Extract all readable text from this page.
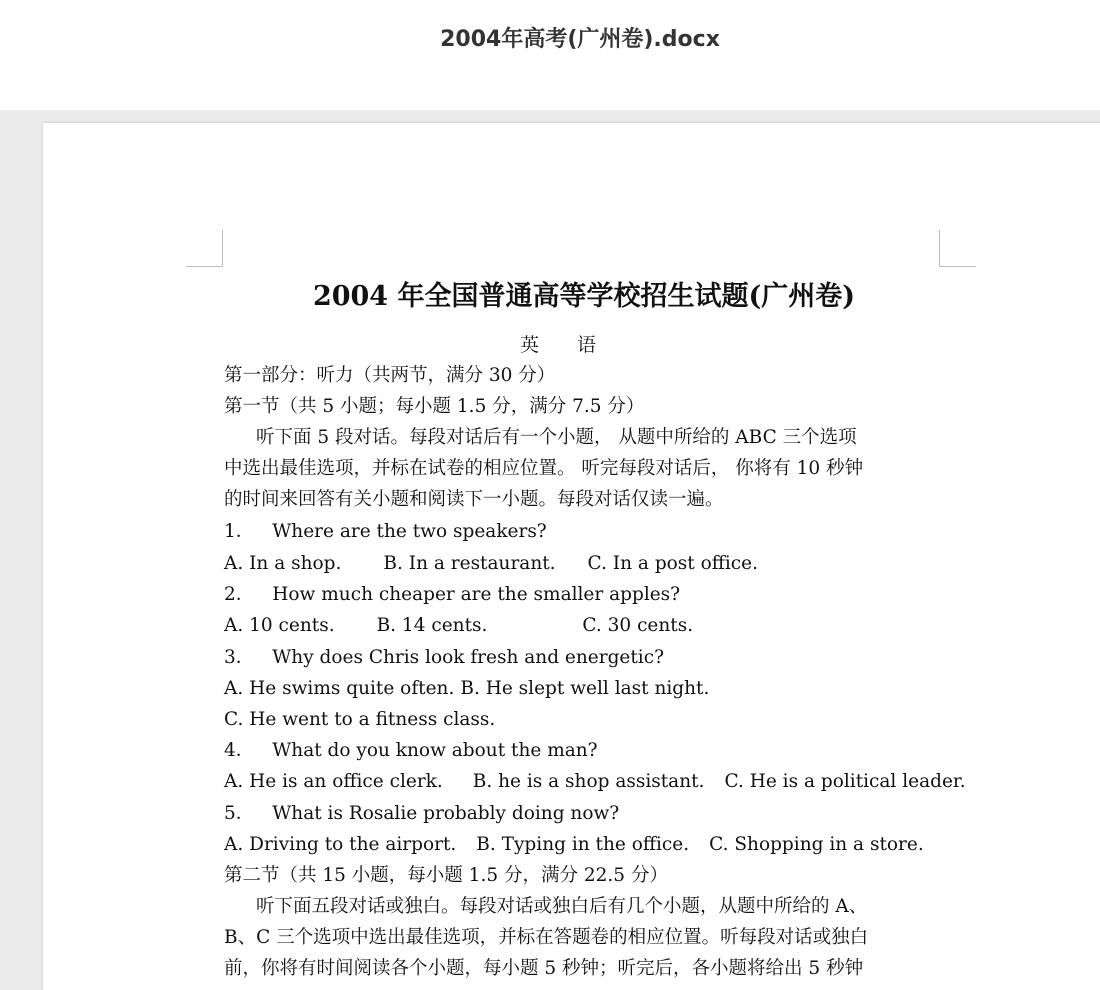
2004年高考(广州卷).docx
2004 年全国普通高等学校招生试题(广州卷)
英语
第一部分：听力（共两节，满分 30 分）
第一节（共 5 小题；每小题 1.5 分，满分 7.5 分）
听下面 5 段对话。每段对话后有一个小题， 从题中所给的 ABC 三个选项
中选出最佳选项，并标在试卷的相应位置。 听完每段对话后， 你将有 10 秒钟
的时间来回答有关小题和阅读下一小题。每段对话仅读一遍。
1． Where are the two speakers?
A. In a shop. B. In a restaurant. C. In a post office.
2． How much cheaper are the smaller apples?
A. 10 cents. B. 14 cents.	C. 30 cents.
3． Why does Chris look fresh and energetic?
A. He swims quite often. B. He slept well last night.
C. He went to a fitness class.
4． What do you know about the man?
A. He is an office clerk. B. he is a shop assistant. C. He is a political leader.
5． What is Rosalie probably doing now?
A. Driving to the airport. B. Typing in the office. C. Shopping in a store.
第二节（共 15 小题，每小题 1.5 分，满分 22.5 分）
听下面五段对话或独白。每段对话或独白后有几个小题，从题中所给的 A、
B、C 三个选项中选出最佳选项，并标在答题卷的相应位置。听每段对话或独白
前，你将有时间阅读各个小题，每小题 5 秒钟；听完后，各小题将给出 5 秒钟
